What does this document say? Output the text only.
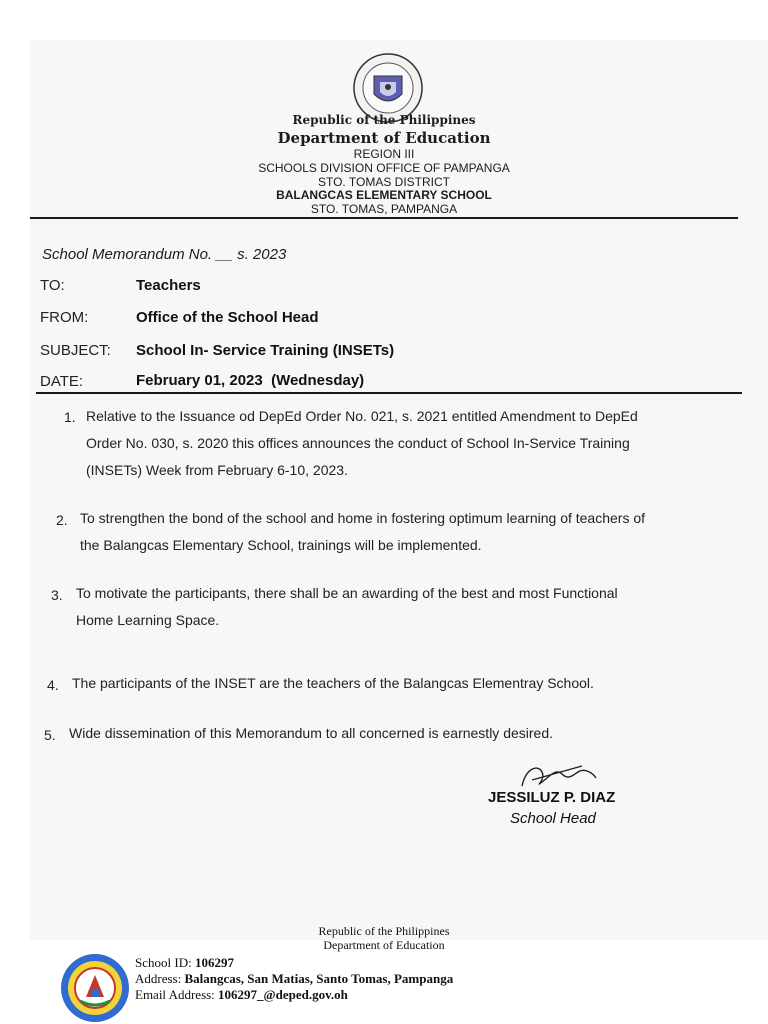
Republic of the Philippines
Department of Education
REGION III
SCHOOLS DIVISION OFFICE OF PAMPANGA
STO. TOMAS DISTRICT
BALANGCAS ELEMENTARY SCHOOL
STO. TOMAS, PAMPANGA
School Memorandum No. __ s. 2023
TO:	Teachers
FROM:	Office of the School Head
SUBJECT: School In- Service Training (INSETs)
DATE:	February 01, 2023  (Wednesday)
1. Relative to the Issuance od DepEd Order No. 021, s. 2021 entitled Amendment to DepEd
Order No. 030, s. 2020 this offices announces the conduct of School In-Service Training
(INSETs) Week from February 6-10, 2023.
2. To strengthen the bond of the school and home in fostering optimum learning of teachers of
the Balangcas Elementary School, trainings will be implemented.
3. To motivate the participants, there shall be an awarding of the best and most Functional
Home Learning Space.
4. The participants of the INSET are the teachers of the Balangcas Elementray School.
5. Wide dissemination of this Memorandum to all concerned is earnestly desired.
JESSILUZ P. DIAZ
School Head
Republic of the Philippines
Department of Education
School ID: 106297
Address: Balangcas, San Matias, Santo Tomas, Pampanga
Email Address: 106297_@deped.gov.oh
